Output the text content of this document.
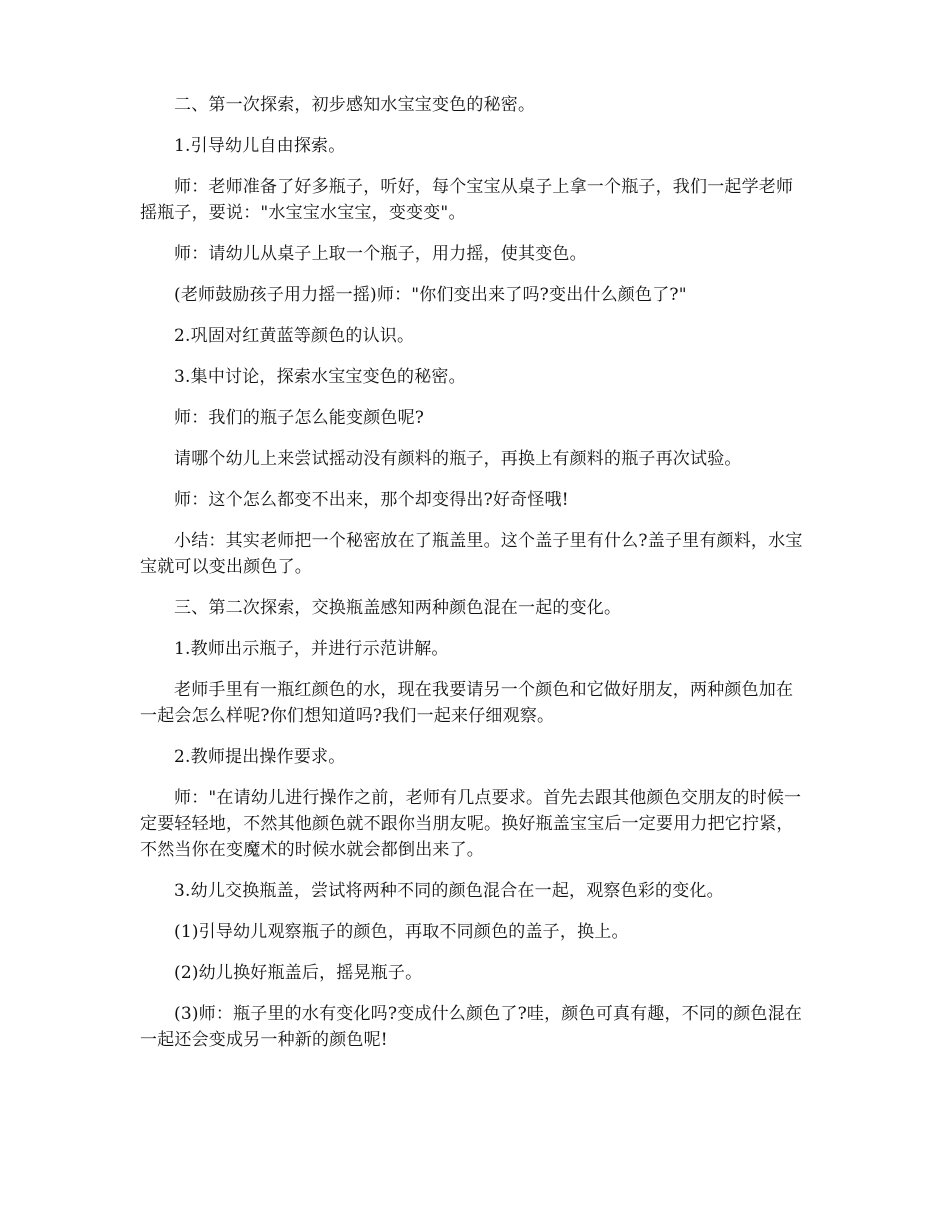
二、第一次探索，初步感知水宝宝变色的秘密。

1.引导幼儿自由探索。

师：老师准备了好多瓶子，听好，每个宝宝从桌子上拿一个瓶子，我们一起学老师摇瓶子，要说："水宝宝水宝宝，变变变"。

师：请幼儿从桌子上取一个瓶子，用力摇，使其变色。

(老师鼓励孩子用力摇一摇)师："你们变出来了吗?变出什么颜色了?"

2.巩固对红黄蓝等颜色的认识。

3.集中讨论，探索水宝宝变色的秘密。

师：我们的瓶子怎么能变颜色呢?

请哪个幼儿上来尝试摇动没有颜料的瓶子，再换上有颜料的瓶子再次试验。

师：这个怎么都变不出来，那个却变得出?好奇怪哦!

小结：其实老师把一个秘密放在了瓶盖里。这个盖子里有什么?盖子里有颜料，水宝宝就可以变出颜色了。

三、第二次探索，交换瓶盖感知两种颜色混在一起的变化。

1.教师出示瓶子，并进行示范讲解。

老师手里有一瓶红颜色的水，现在我要请另一个颜色和它做好朋友，两种颜色加在一起会怎么样呢?你们想知道吗?我们一起来仔细观察。

2.教师提出操作要求。

师："在请幼儿进行操作之前，老师有几点要求。首先去跟其他颜色交朋友的时候一定要轻轻地，不然其他颜色就不跟你当朋友呢。换好瓶盖宝宝后一定要用力把它拧紧，不然当你在变魔术的时候水就会都倒出来了。

3.幼儿交换瓶盖，尝试将两种不同的颜色混合在一起，观察色彩的变化。

(1)引导幼儿观察瓶子的颜色，再取不同颜色的盖子，换上。

(2)幼儿换好瓶盖后，摇晃瓶子。

(3)师：瓶子里的水有变化吗?变成什么颜色了?哇，颜色可真有趣，不同的颜色混在一起还会变成另一种新的颜色呢!
